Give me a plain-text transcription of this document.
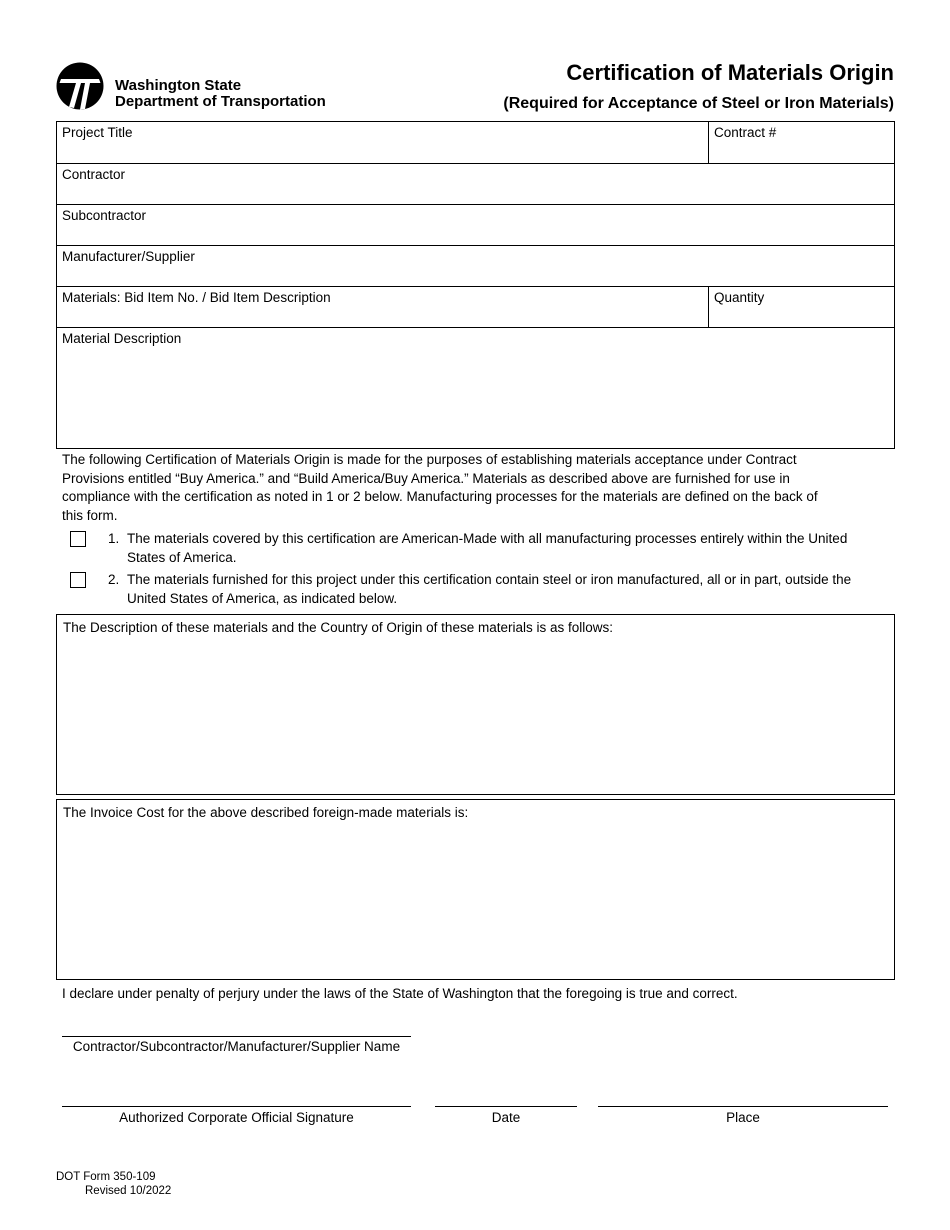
Washington State
Department of Transportation
Certification of Materials Origin
(Required for Acceptance of Steel or Iron Materials)
Project Title	Contract #
Contractor
Subcontractor
Manufacturer/Supplier
Materials: Bid Item No. / Bid Item Description	Quantity
Material Description
The following Certification of Materials Origin is made for the purposes of establishing materials acceptance under Contract
Provisions entitled “Buy America.” and “Build America/Buy America.” Materials as described above are furnished for use in
compliance with the certification as noted in 1 or 2 below. Manufacturing processes for the materials are defined on the back of
this form.
1. The materials covered by this certification are American-Made with all manufacturing processes entirely within the United
States of America.
2. The materials furnished for this project under this certification contain steel or iron manufactured, all or in part, outside the
United States of America, as indicated below.
The Description of these materials and the Country of Origin of these materials is as follows:
The Invoice Cost for the above described foreign-made materials is:
I declare under penalty of perjury under the laws of the State of Washington that the foregoing is true and correct.
Contractor/Subcontractor/Manufacturer/Supplier Name
Authorized Corporate Official Signature	Date	Place
DOT Form 350-109
Revised 10/2022
